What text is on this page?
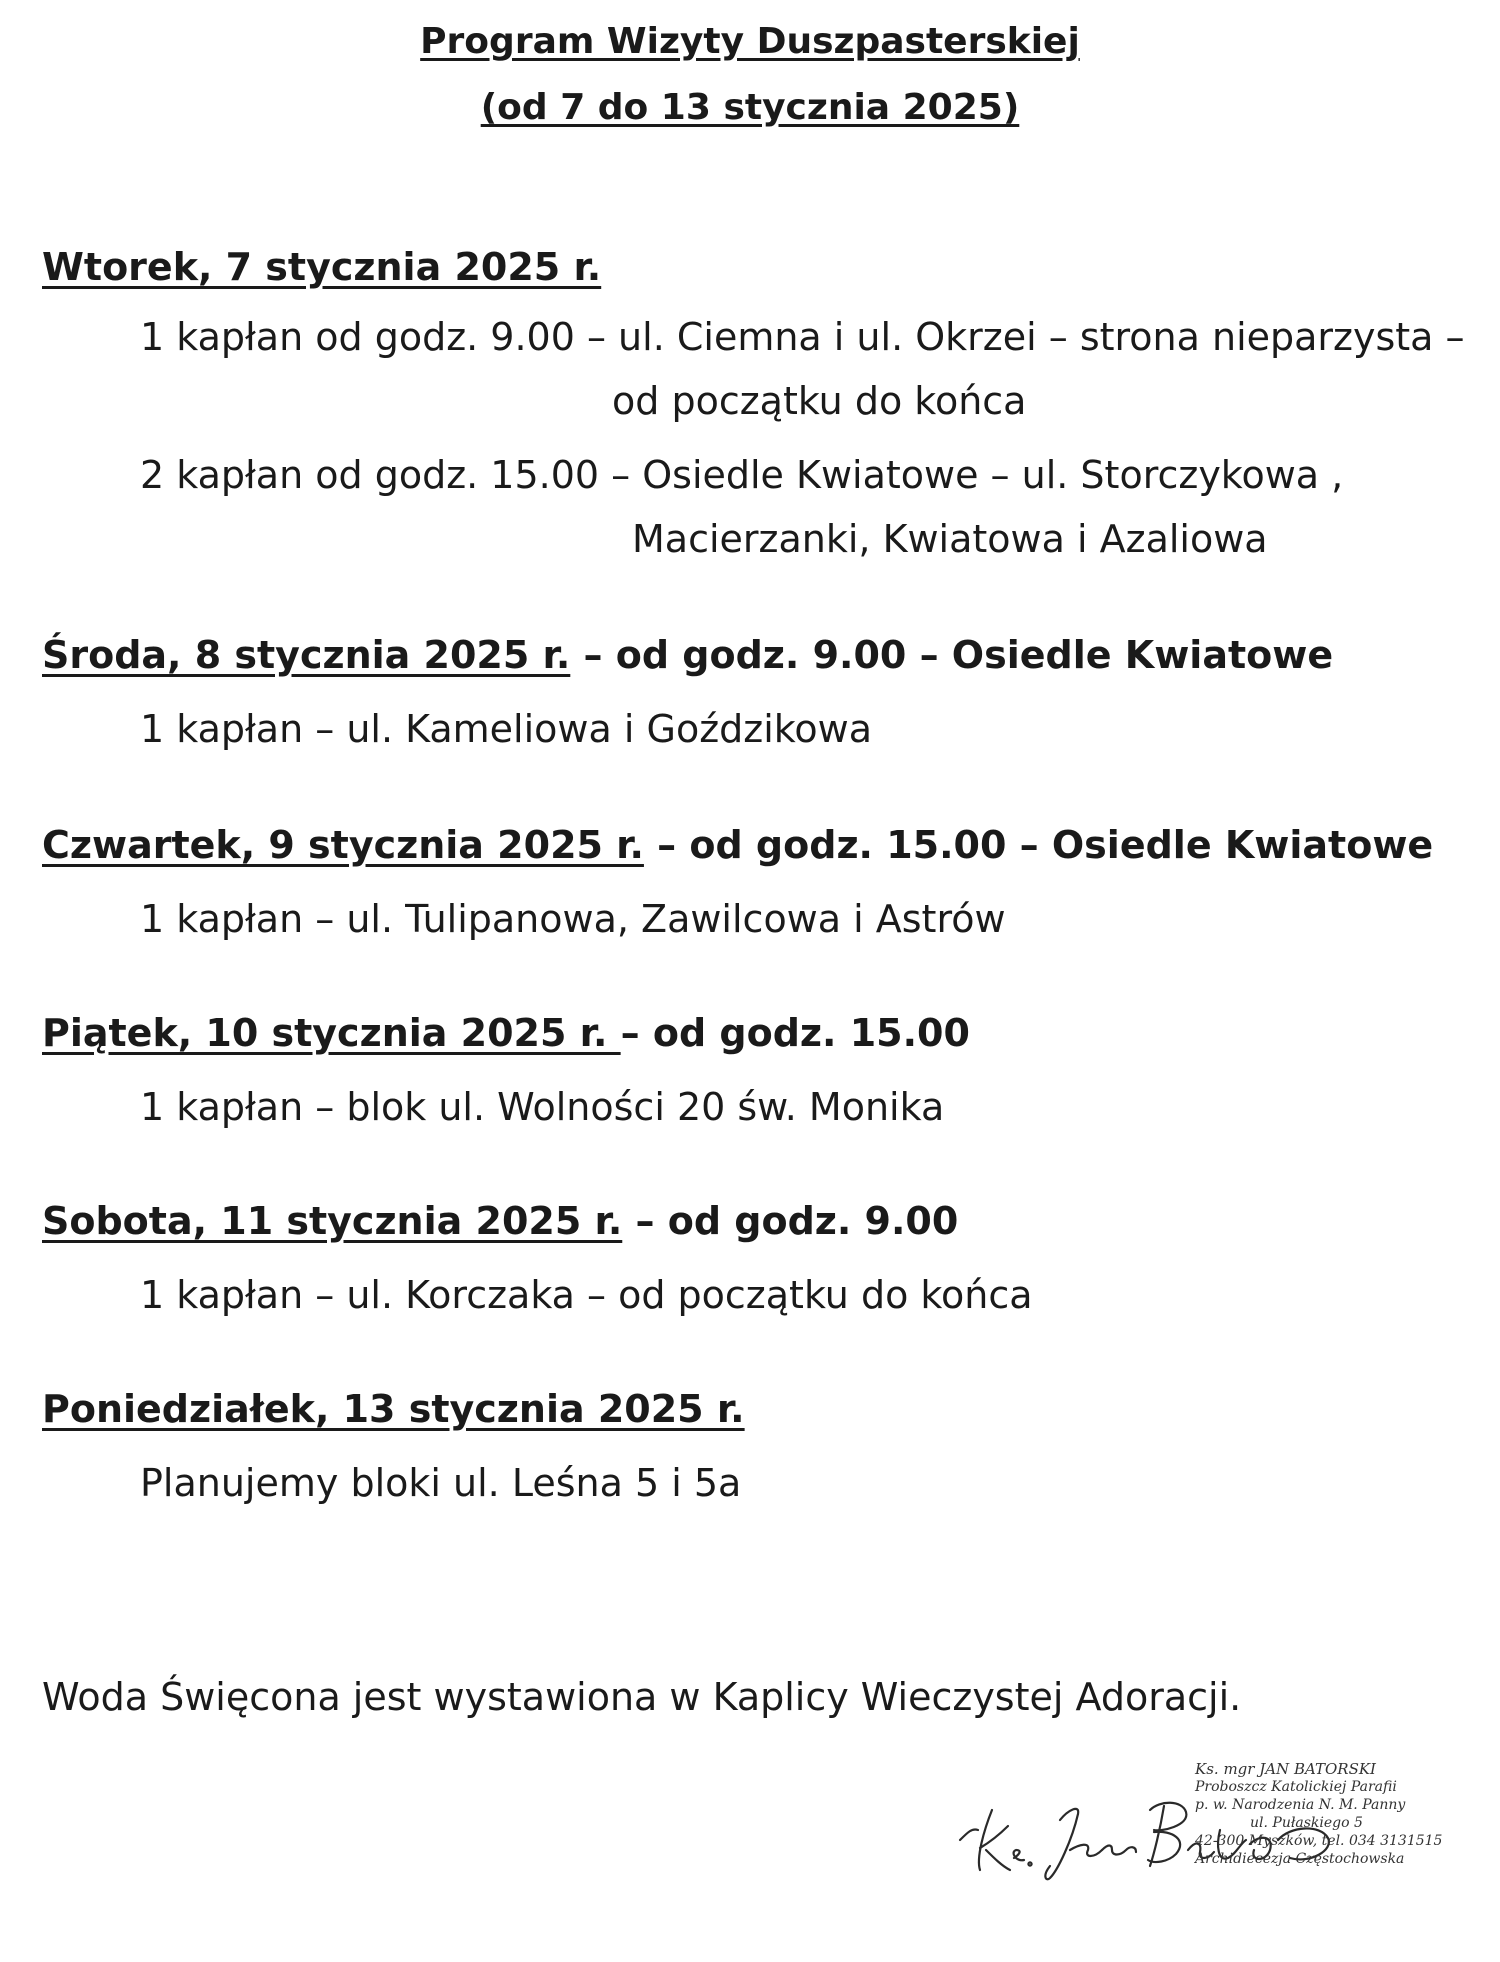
Program Wizyty Duszpasterskiej
(od 7 do 13 stycznia 2025)
Wtorek, 7 stycznia 2025 r.
1 kapłan od godz. 9.00 – ul. Ciemna i ul. Okrzei – strona nieparzysta –
od początku do końca
2 kapłan od godz. 15.00 – Osiedle Kwiatowe – ul. Storczykowa ,
Macierzanki, Kwiatowa i Azaliowa
Środa, 8 stycznia 2025 r. – od godz. 9.00 – Osiedle Kwiatowe
1 kapłan – ul. Kameliowa i Goździkowa
Czwartek, 9 stycznia 2025 r. – od godz. 15.00 – Osiedle Kwiatowe
1 kapłan – ul. Tulipanowa, Zawilcowa i Astrów
Piątek, 10 stycznia 2025 r. – od godz. 15.00
1 kapłan – blok ul. Wolności 20 św. Monika
Sobota, 11 stycznia 2025 r. – od godz. 9.00
1 kapłan – ul. Korczaka – od początku do końca
Poniedziałek, 13 stycznia 2025 r.
Planujemy bloki ul. Leśna 5 i 5a
Woda Święcona jest wystawiona w Kaplicy Wieczystej Adoracji.
Ks. mgr JAN BATORSKI
Proboszcz Katolickiej Parafii
p. w. Narodzenia N. M. Panny
ul. Pułaskiego 5
42-300 Myszków, tel. 034 3131515
Archidiecezja Częstochowska
